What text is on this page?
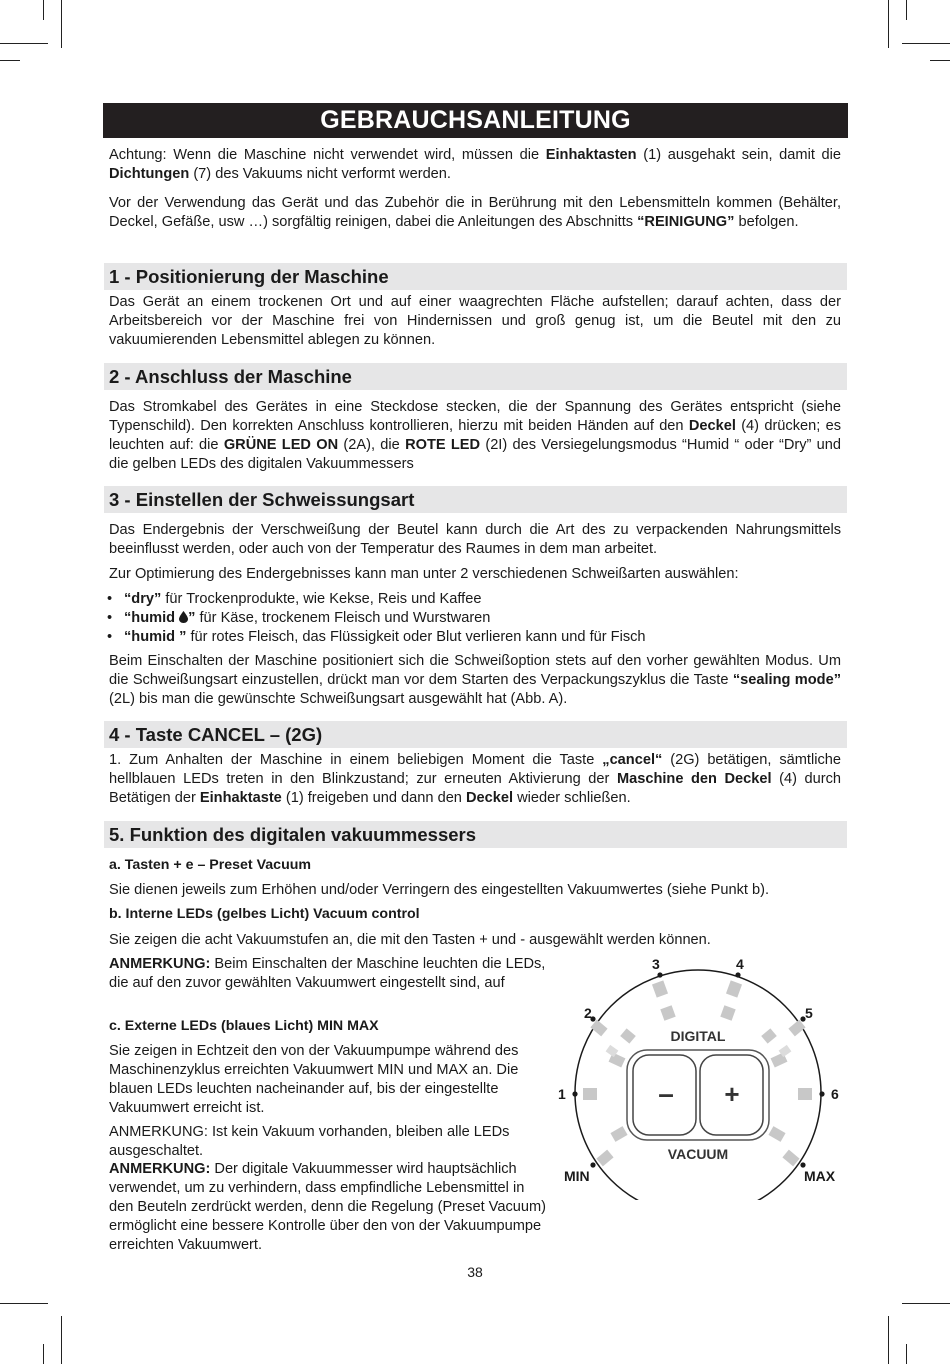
GEBRAUCHSANLEITUNG
Achtung: Wenn die Maschine nicht verwendet wird, müssen die Einhaktasten (1) ausgehakt sein, damit die Dichtungen (7) des Vakuums nicht verformt werden.
Vor der Verwendung das Gerät und das Zubehör die in Berührung mit den Lebensmitteln kommen (Behälter, Deckel, Gefäße, usw …) sorgfältig reinigen, dabei die Anleitungen des Abschnitts “REINIGUNG” befolgen.
1 - Positionierung der Maschine
Das Gerät an einem trockenen Ort und auf einer waagrechten Fläche aufstellen; darauf achten, dass der Arbeitsbereich vor der Maschine frei von Hindernissen und groß genug ist, um die Beutel mit den zu vakuumierenden Lebensmittel ablegen zu können.
2 - Anschluss der Maschine
Das Stromkabel des Gerätes in eine Steckdose stecken, die der Spannung des Gerätes entspricht (siehe Typenschild). Den korrekten Anschluss kontrollieren, hierzu mit beiden Händen auf den Deckel (4) drücken; es leuchten auf: die GRÜNE LED ON (2A), die ROTE LED (2I) des Versiegelungsmodus “Humid “ oder “Dry” und die gelben LEDs des digitalen Vakuummessers
3 - Einstellen der Schweissungsart
Das Endergebnis der Verschweißung der Beutel kann durch die Art des zu verpackenden Nahrungsmittels beeinflusst werden, oder auch von der Temperatur des Raumes in dem man arbeitet.
Zur Optimierung des Endergebnisses kann man unter 2 verschiedenen Schweißarten auswählen:
• “dry” für Trockenprodukte, wie Kekse, Reis und Kaffee
• “humid ” für Käse, trockenem Fleisch und Wurstwaren
• “humid ” für rotes Fleisch, das Flüssigkeit oder Blut verlieren kann und für Fisch
Beim Einschalten der Maschine positioniert sich die Schweißoption stets auf den vorher gewählten Modus. Um die Schweißungsart einzustellen, drückt man vor dem Starten des Verpackungszyklus die Taste “sealing mode” (2L) bis man die gewünschte Schweißungsart ausgewählt hat (Abb. A).
4 - Taste CANCEL – (2G)
1. Zum Anhalten der Maschine in einem beliebigen Moment die Taste „cancel“ (2G) betätigen, sämtliche hellblauen LEDs treten in den Blinkzustand; zur erneuten Aktivierung der Maschine den Deckel (4) durch Betätigen der Einhaktaste (1) freigeben und dann den Deckel wieder schließen.
5. Funktion des digitalen vakuummessers
a. Tasten + e – Preset Vacuum
Sie dienen jeweils zum Erhöhen und/oder Verringern des eingestellten Vakuumwertes (siehe Punkt b).
b. Interne LEDs (gelbes Licht) Vacuum control
Sie zeigen die acht Vakuumstufen an, die mit den Tasten + und - ausgewählt werden können.
ANMERKUNG: Beim Einschalten der Maschine leuchten die LEDs, die auf den zuvor gewählten Vakuumwert eingestellt sind, auf
c. Externe LEDs (blaues Licht) MIN MAX
Sie zeigen in Echtzeit den von der Vakuumpumpe während des Maschinenzyklus erreichten Vakuumwert MIN und MAX an. Die blauen LEDs leuchten nacheinander auf, bis der eingestellte Vakuumwert erreicht ist.
ANMERKUNG: Ist kein Vakuum vorhanden, bleiben alle LEDs ausgeschaltet.
ANMERKUNG: Der digitale Vakuummesser wird hauptsächlich verwendet, um zu verhindern, dass empfindliche Lebensmittel in den Beuteln zerdrückt werden, denn die Regelung (Preset Vacuum) ermöglicht eine bessere Kontrolle über den von der Vakuumpumpe erreichten Vakuumwert.
1
2
3	4
5
6
MIN	MAX
DIGITAL
VACUUM
– +
38
